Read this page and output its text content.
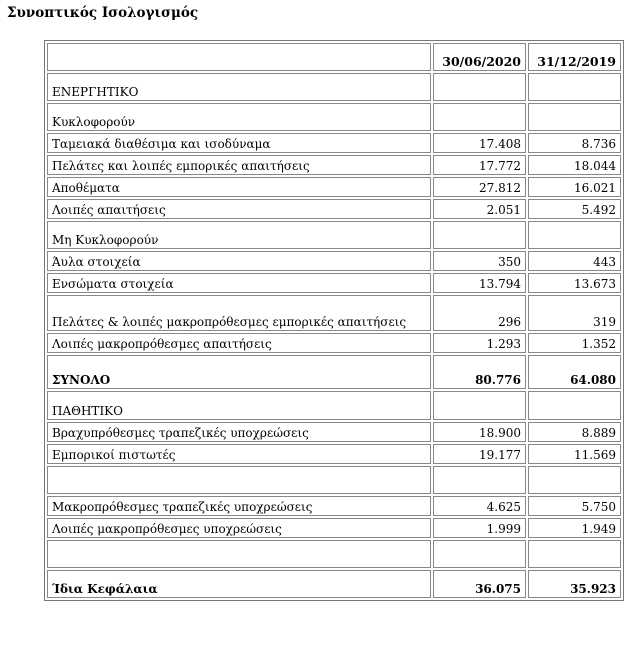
Συνοπτικός Ισολογισμός
	30/06/2020	31/12/2019
ΕΝΕΡΓΗΤΙΚΟ		
Κυκλοφορούν		
Ταμειακά διαθέσιμα και ισοδύναμα	17.408	8.736
Πελάτες και λοιπές εμπορικές απαιτήσεις	17.772	18.044
Αποθέματα	27.812	16.021
Λοιπές απαιτήσεις	2.051	5.492
Μη Κυκλοφορούν		
Άυλα στοιχεία	350	443
Ενσώματα στοιχεία	13.794	13.673
Πελάτες & λοιπές μακροπρόθεσμες εμπορικές απαιτήσεις	296	319
Λοιπές μακροπρόθεσμες απαιτήσεις	1.293	1.352
ΣΥΝΟΛΟ	80.776	64.080
ΠΑΘΗΤΙΚΟ		
Βραχυπρόθεσμες τραπεζικές υποχρεώσεις	18.900	8.889
Εμπορικοί πιστωτές	19.177	11.569

Μακροπρόθεσμες τραπεζικές υποχρεώσεις	4.625	5.750
Λοιπές μακροπρόθεσμες υποχρεώσεις	1.999	1.949

Ίδια Κεφάλαια	36.075	35.923
